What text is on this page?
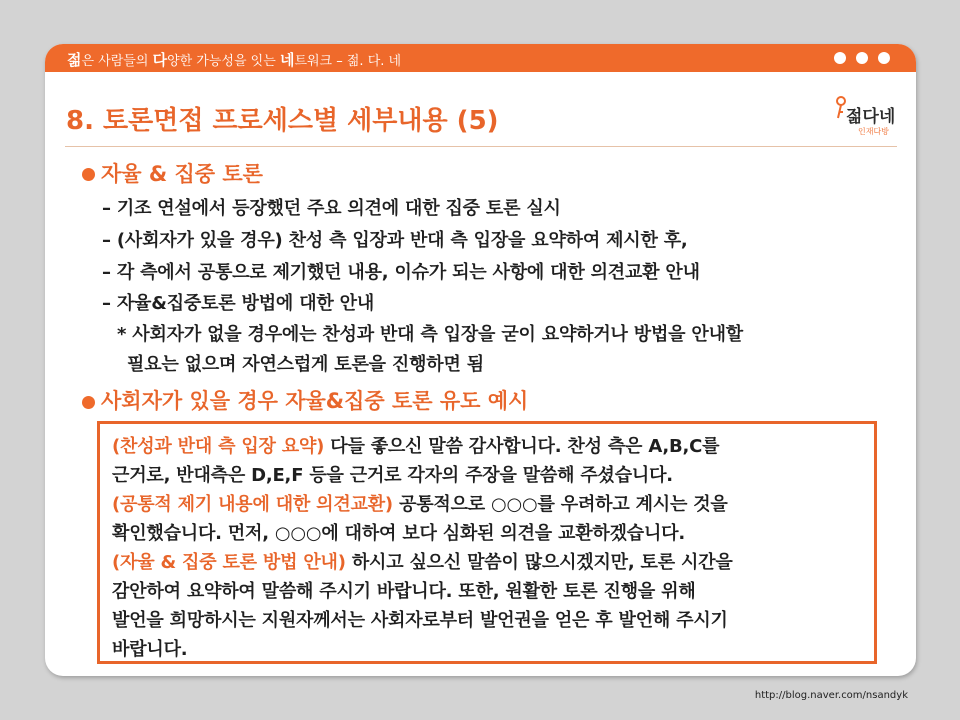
젊은 사람들의 다양한 가능성을 잇는 네트워크 – 젊. 다. 네
8. 토론면접 프로세스별 세부내용 (5)	젊다네
인재다방
자율 & 집중 토론
– 기조 연설에서 등장했던 주요 의견에 대한 집중 토론 실시
– (사회자가 있을 경우) 찬성 측 입장과 반대 측 입장을 요약하여 제시한 후,
– 각 측에서 공통으로 제기했던 내용, 이슈가 되는 사항에 대한 의견교환 안내
– 자율&집중토론 방법에 대한 안내
* 사회자가 없을 경우에는 찬성과 반대 측 입장을 굳이 요약하거나 방법을 안내할
필요는 없으며 자연스럽게 토론을 진행하면 됨
사회자가 있을 경우 자율&집중 토론 유도 예시
(찬성과 반대 측 입장 요약) 다들 좋으신 말씀 감사합니다. 찬성 측은 A,B,C를
근거로, 반대측은 D,E,F 등을 근거로 각자의 주장을 말씀해 주셨습니다.
(공통적 제기 내용에 대한 의견교환) 공통적으로 ○○○를 우려하고 계시는 것을
확인했습니다. 먼저, ○○○에 대하여 보다 심화된 의견을 교환하겠습니다.
(자율 & 집중 토론 방법 안내) 하시고 싶으신 말씀이 많으시겠지만, 토론 시간을
감안하여 요약하여 말씀해 주시기 바랍니다. 또한, 원활한 토론 진행을 위해
발언을 희망하시는 지원자께서는 사회자로부터 발언권을 얻은 후 발언해 주시기
바랍니다.
http://blog.naver.com/nsandyk
